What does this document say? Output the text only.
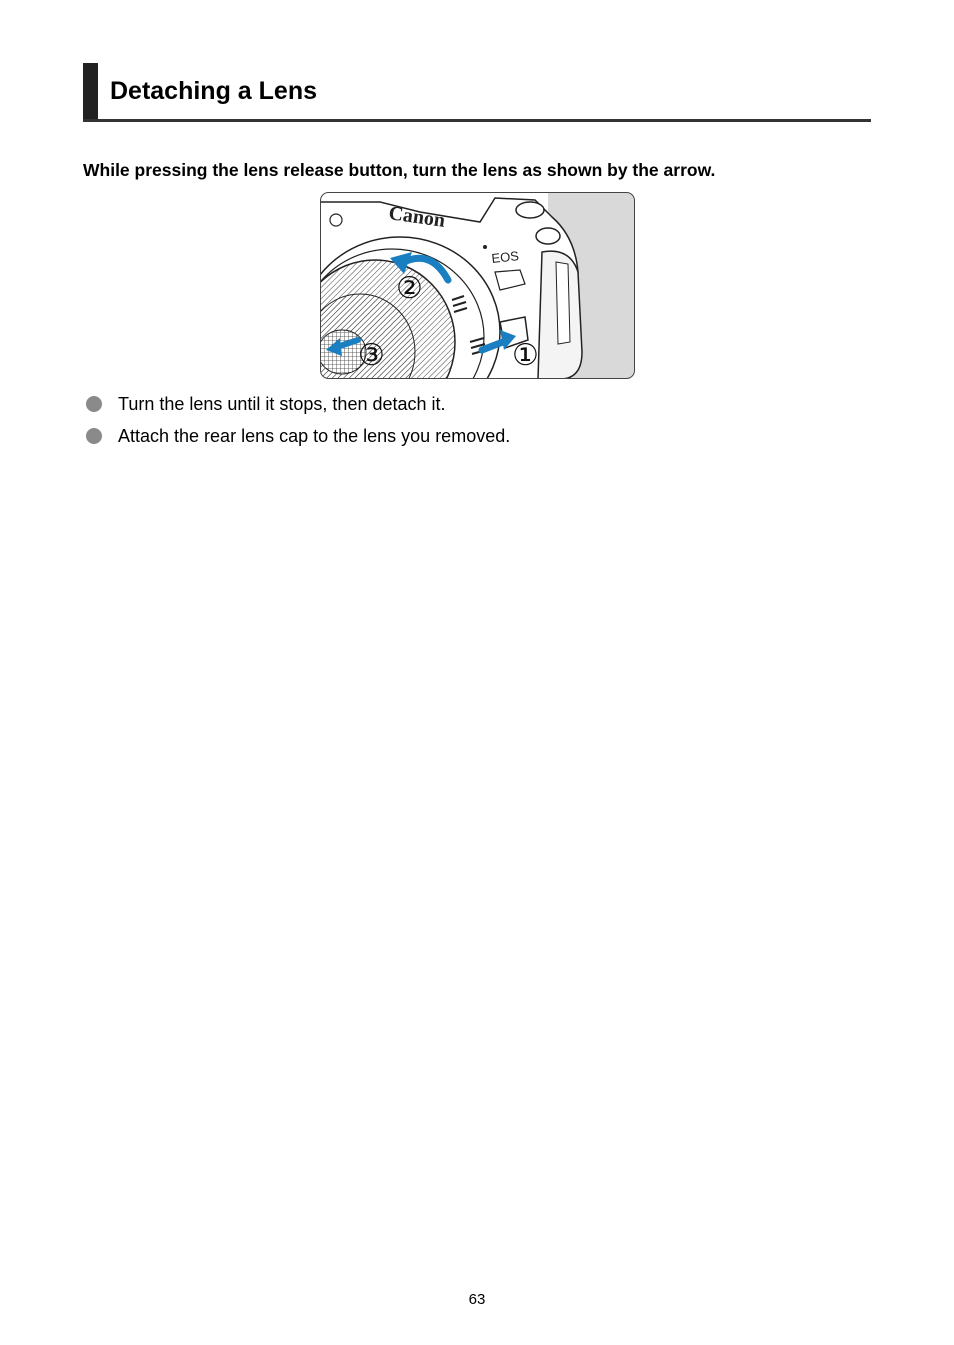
Detaching a Lens

While pressing the lens release button, turn the lens as shown by the arrow.

Canon
EOS
①
②
③
Turn the lens until it stops, then detach it.
Attach the rear lens cap to the lens you removed.
63
